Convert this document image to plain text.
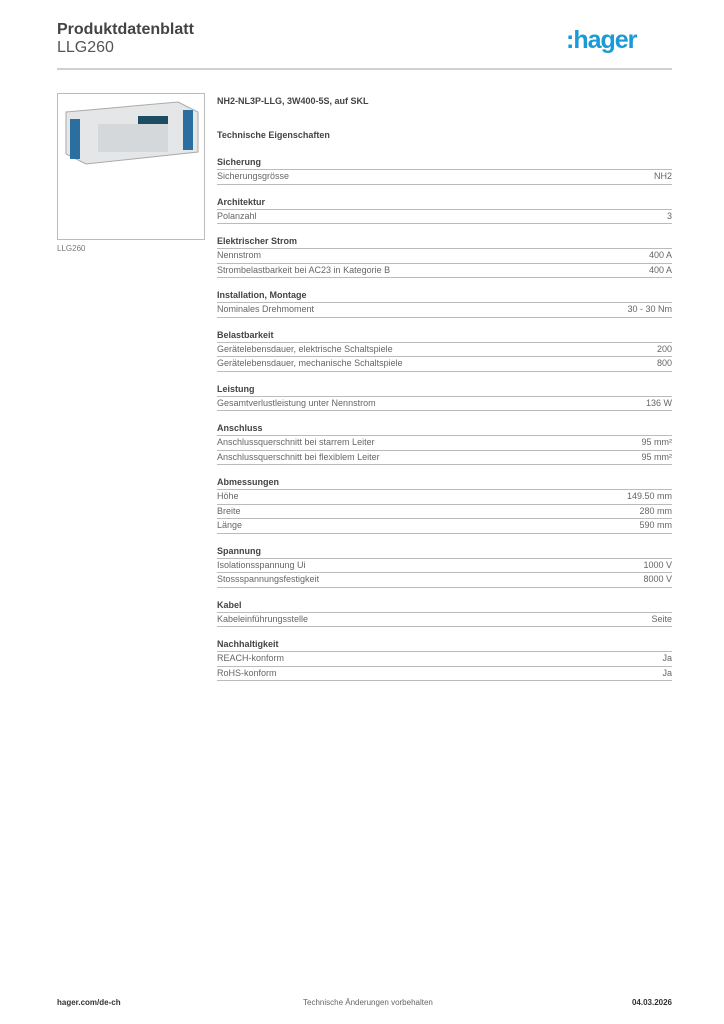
Produktdatenblatt
LLG260	:hager
LLG260
NH2-NL3P-LLG, 3W400-5S, auf SKL
Technische Eigenschaften
Sicherung
Sicherungsgrösse	NH2
Architektur
Polanzahl	3
Elektrischer Strom
Nennstrom	400 A
Strombelastbarkeit bei AC23 in Kategorie B	400 A
Installation, Montage
Nominales Drehmoment	30 - 30 Nm
Belastbarkeit
Gerätelebensdauer, elektrische Schaltspiele	200
Gerätelebensdauer, mechanische Schaltspiele	800
Leistung
Gesamtverlustleistung unter Nennstrom	136 W
Anschluss
Anschlussquerschnitt bei starrem Leiter	95 mm²
Anschlussquerschnitt bei flexiblem Leiter	95 mm²
Abmessungen
Höhe	149.50 mm
Breite	280 mm
Länge	590 mm
Spannung
Isolationsspannung Ui	1000 V
Stossspannungsfestigkeit	8000 V
Kabel
Kabeleinführungsstelle	Seite
Nachhaltigkeit
REACH-konform	Ja
RoHS-konform	Ja
hager.com/de-ch	Technische Änderungen vorbehalten	04.03.2026
